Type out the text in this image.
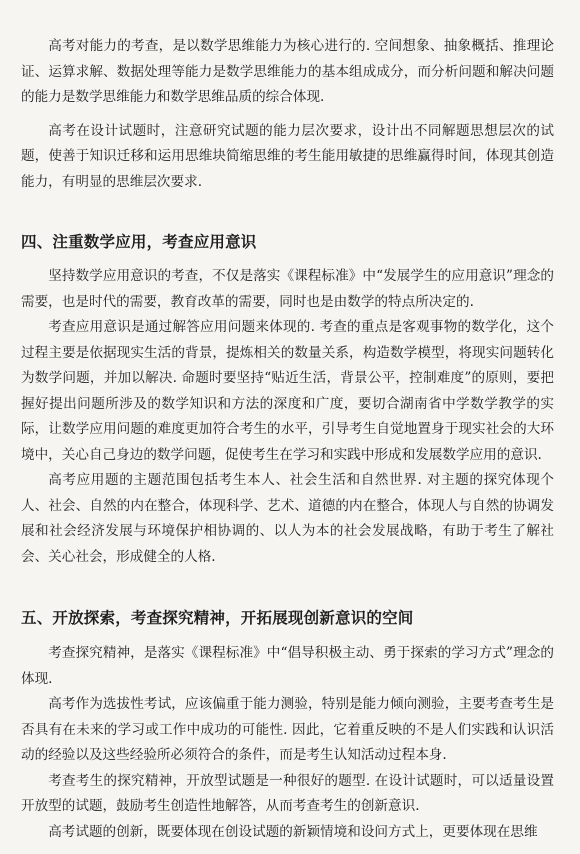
高考对能力的考查，是以数学思维能力为核心进行的. 空间想象、抽象概括、推理论证、运算求解、数据处理等能力是数学思维能力的基本组成成分，而分析问题和解决问题的能力是数学思维能力和数学思维品质的综合体现.

高考在设计试题时，注意研究试题的能力层次要求，设计出不同解题思想层次的试题，使善于知识迁移和运用思维块简缩思维的考生能用敏捷的思维赢得时间，体现其创造能力，有明显的思维层次要求.

四、注重数学应用，考查应用意识

坚持数学应用意识的考查，不仅是落实《课程标准》中“发展学生的应用意识”理念的需要，也是时代的需要，教育改革的需要，同时也是由数学的特点所决定的.

考查应用意识是通过解答应用问题来体现的. 考查的重点是客观事物的数学化，这个过程主要是依据现实生活的背景，提炼相关的数量关系，构造数学模型，将现实问题转化为数学问题，并加以解决. 命题时要坚持“贴近生活，背景公平，控制难度”的原则，要把握好提出问题所涉及的数学知识和方法的深度和广度，要切合湖南省中学数学教学的实际，让数学应用问题的难度更加符合考生的水平，引导考生自觉地置身于现实社会的大环境中，关心自己身边的数学问题，促使考生在学习和实践中形成和发展数学应用的意识.

高考应用题的主题范围包括考生本人、社会生活和自然世界. 对主题的探究体现个人、社会、自然的内在整合，体现科学、艺术、道德的内在整合，体现人与自然的协调发展和社会经济发展与环境保护相协调的、以人为本的社会发展战略，有助于考生了解社会、关心社会，形成健全的人格.

五、开放探索，考查探究精神，开拓展现创新意识的空间

考查探究精神，是落实《课程标准》中“倡导积极主动、勇于探索的学习方式”理念的体现.

高考作为选拔性考试，应该偏重于能力测验，特别是能力倾向测验，主要考查考生是否具有在未来的学习或工作中成功的可能性. 因此，它着重反映的不是人们实践和认识活动的经验以及这些经验所必须符合的条件，而是考生认知活动过程本身.

考查考生的探究精神，开放型试题是一种很好的题型. 在设计试题时，可以适量设置开放型的试题，鼓励考生创造性地解答，从而考查考生的创新意识.

高考试题的创新，既要体现在创设试题的新颖情境和设问方式上，更要体现在思维
